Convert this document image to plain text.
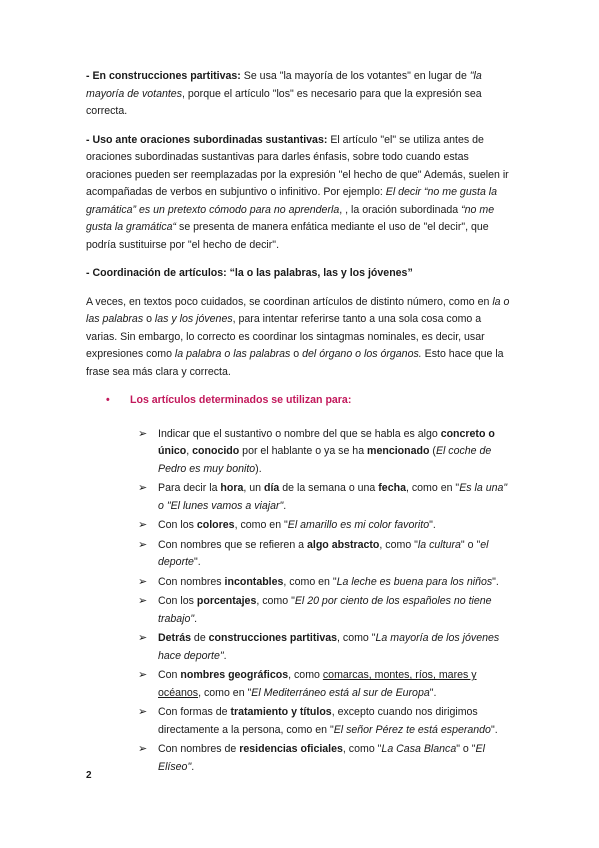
- En construcciones partitivas: Se usa "la mayoría de los votantes" en lugar de "la mayoría de votantes, porque el artículo "los" es necesario para que la expresión sea correcta.

- Uso ante oraciones subordinadas sustantivas: El artículo "el" se utiliza antes de oraciones subordinadas sustantivas para darles énfasis, sobre todo cuando estas oraciones pueden ser reemplazadas por la expresión "el hecho de que" Además, suelen ir acompañadas de verbos en subjuntivo o infinitivo. Por ejemplo: El decir “no me gusta la gramática” es un pretexto cómodo para no aprenderla, , la oración subordinada “no me gusta la gramática“ se presenta de manera enfática mediante el uso de "el decir", que podría sustituirse por "el hecho de decir".

- Coordinación de artículos: “la o las palabras, las y los jóvenes”

A veces, en textos poco cuidados, se coordinan artículos de distinto número, como en la o las palabras o las y los jóvenes, para intentar referirse tanto a una sola cosa como a varias. Sin embargo, lo correcto es coordinar los sintagmas nominales, es decir, usar expresiones como la palabra o las palabras o del órgano o los órganos. Esto hace que la frase sea más clara y correcta.

•	Los artículos determinados se utilizan para:
➢	Indicar que el sustantivo o nombre del que se habla es algo concreto o único, conocido por el hablante o ya se ha mencionado (El coche de Pedro es muy bonito).
➢	Para decir la hora, un día de la semana o una fecha, como en "Es la una" o "El lunes vamos a viajar".
➢	Con los colores, como en "El amarillo es mi color favorito".
➢	Con nombres que se refieren a algo abstracto, como "la cultura" o "el deporte".
➢	Con nombres incontables, como en "La leche es buena para los niños".
➢	Con los porcentajes, como "El 20 por ciento de los españoles no tiene trabajo".
➢	Detrás de construcciones partitivas, como "La mayoría de los jóvenes hace deporte".
➢	Con nombres geográficos, como comarcas, montes, ríos, mares y océanos, como en "El Mediterráneo está al sur de Europa".
➢	Con formas de tratamiento y títulos, excepto cuando nos dirigimos directamente a la persona, como en "El señor Pérez te está esperando".
➢	Con nombres de residencias oficiales, como "La Casa Blanca" o "El Elíseo".
2
